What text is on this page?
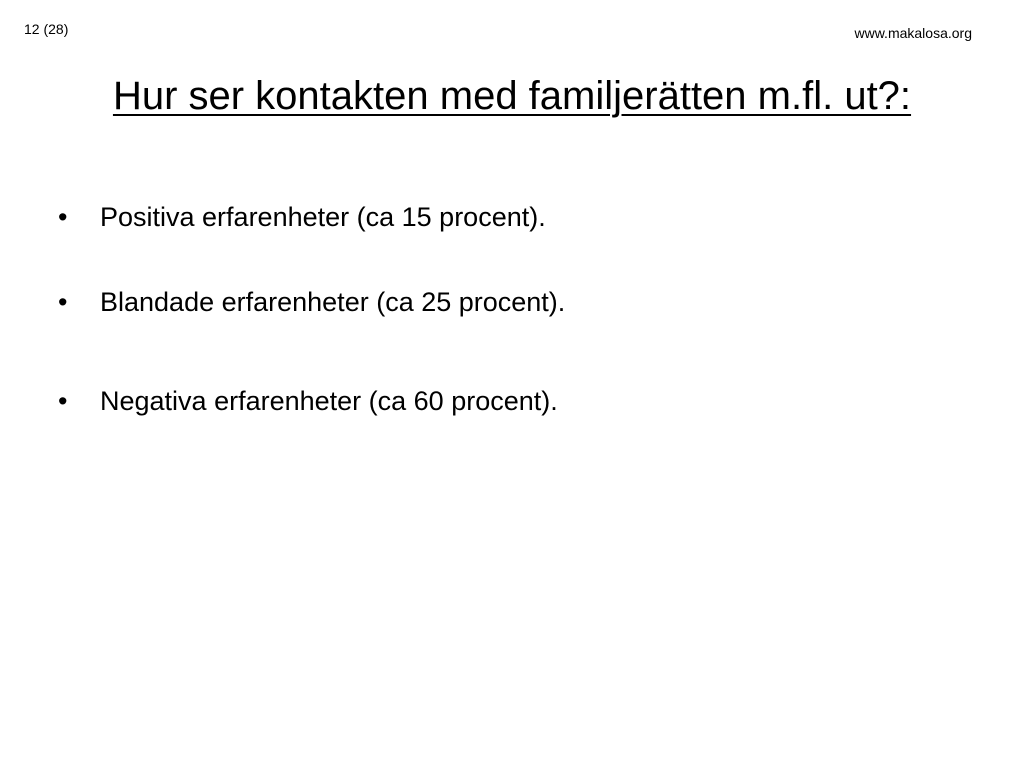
12 (28)	www.makalosa.org
Hur ser kontakten med familjerätten m.fl. ut?:
•	Positiva erfarenheter (ca 15 procent).
•	Blandade erfarenheter (ca 25 procent).
•	Negativa erfarenheter (ca 60 procent).
